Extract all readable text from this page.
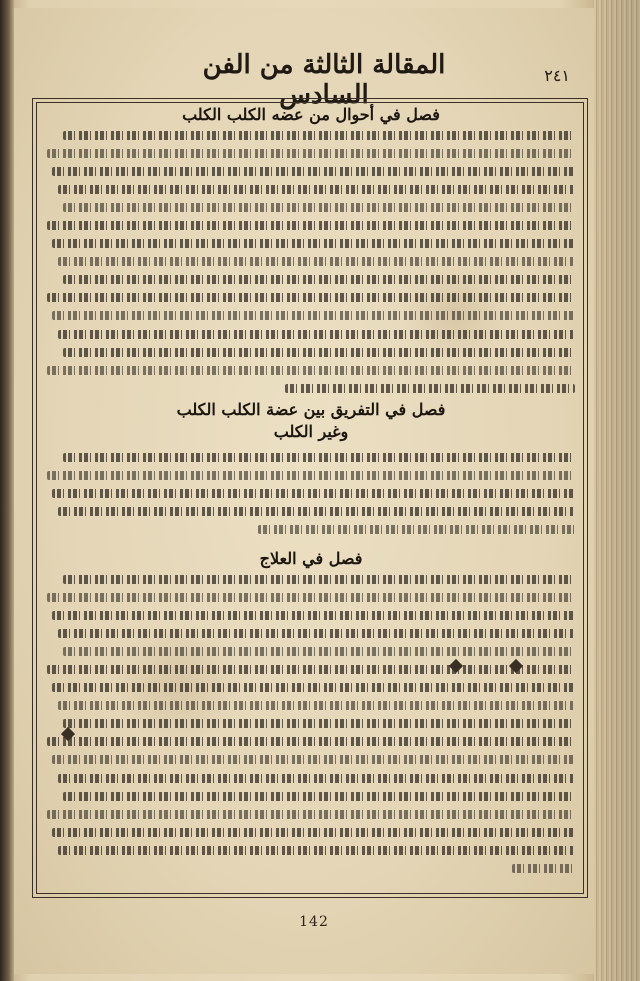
٢٤١
المقالة الثالثة من الفن السادس
فصل في أحوال من عضه الكلب الكلب
فصل في التفريق بين عضة الكلب الكلب وغير الكلب
فصل في العلاج
142
